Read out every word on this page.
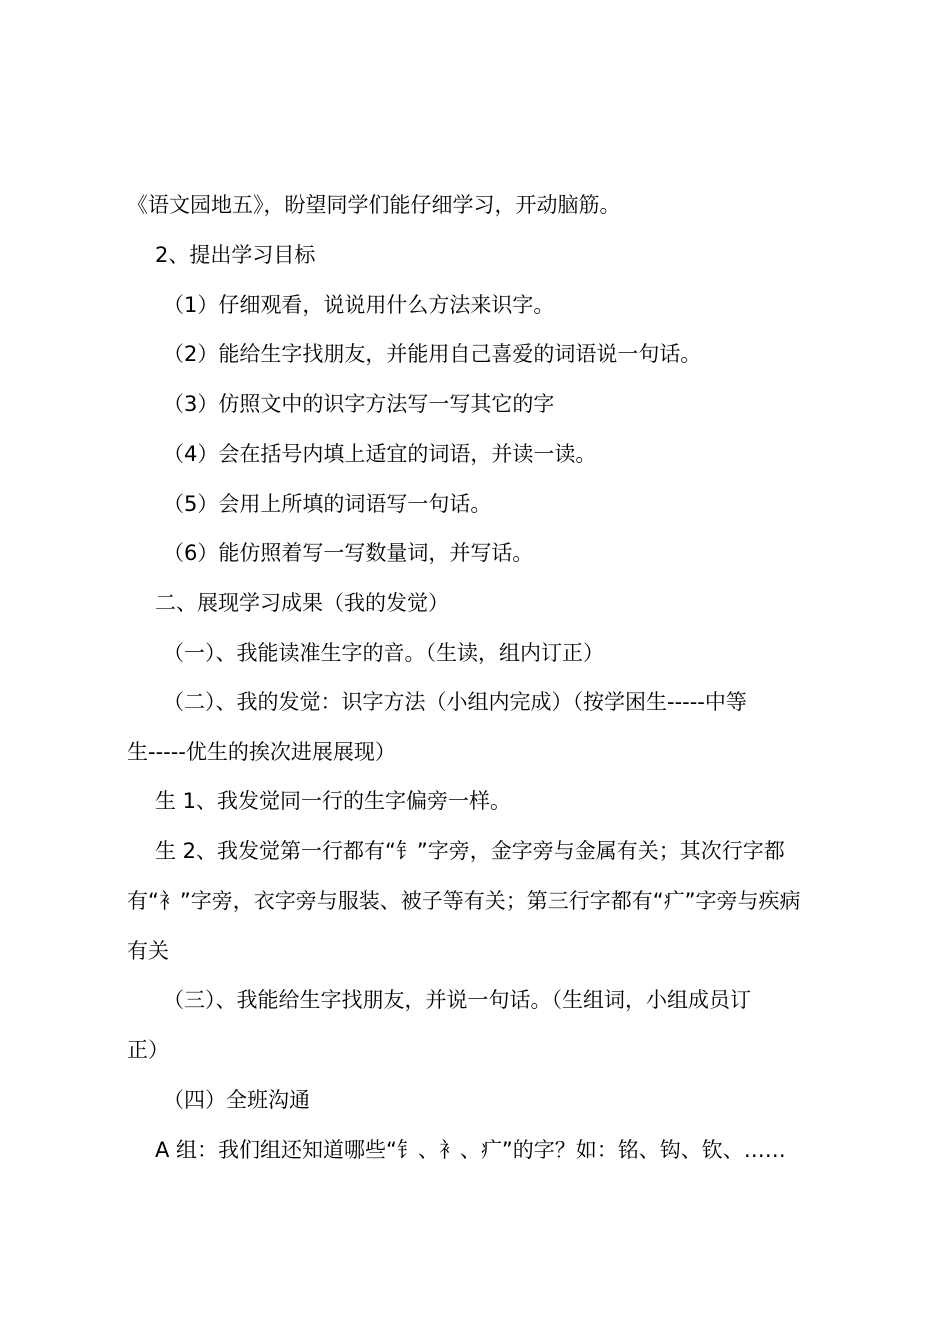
《语文园地五》，盼望同学们能仔细学习，开动脑筋。
2、提出学习目标
（1）仔细观看，说说用什么方法来识字。
（2）能给生字找朋友，并能用自己喜爱的词语说一句话。
（3）仿照文中的识字方法写一写其它的字
（4）会在括号内填上适宜的词语，并读一读。
（5）会用上所填的词语写一句话。
（6）能仿照着写一写数量词，并写话。
二、展现学习成果（我的发觉）
（一）、我能读准生字的音。（生读，组内订正）
（二）、我的发觉：识字方法（小组内完成）（按学困生-----中等
生-----优生的挨次进展展现）
生 1、我发觉同一行的生字偏旁一样。
生 2、我发觉第一行都有“钅”字旁，金字旁与金属有关；其次行字都
有“衤”字旁，衣字旁与服装、被子等有关；第三行字都有“疒”字旁与疾病
有关
（三）、我能给生字找朋友，并说一句话。（生组词，小组成员订
正）
（四）全班沟通
A 组：我们组还知道哪些“钅、衤、疒”的字？如：铭、钩、钦、……
